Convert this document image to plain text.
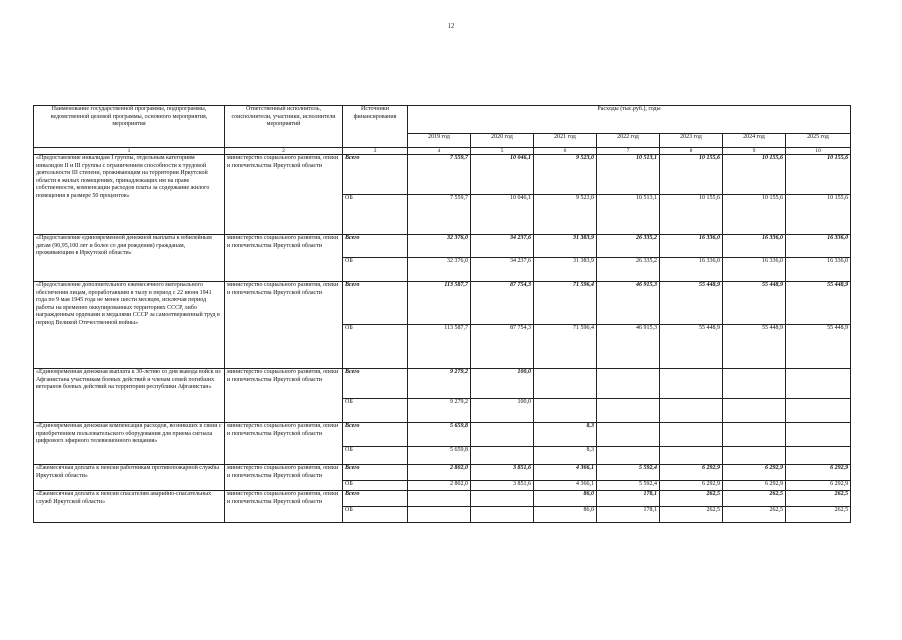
12
Наименование государственной программы, подпрограммы, ведомственной целевой программы, основного мероприятия, мероприятия	Ответственный исполнитель, соисполнители, участники, исполнители мероприятий	Источники финансирования	Расходы (тыс.руб.), годы						
			2019 год	2020 год	2021 год	2022 год	2023 год	2024 год	2025 год
1	2	3	4	5	6	7	8	9	10
«Предоставление инвалидам I группы, отдельным категориям инвалидов II и III группы с ограничением способности к трудовой деятельности III степени, проживающим на территории Иркутской области в жилых помещениях, принадлежащих им на праве собственности, компенсации расходов платы за содержание жилого помещения в размере 50 процентов»	министерство социального развития, опеки и попечительства Иркутской области	Всего	7 559,7	10 046,1	9 523,0	10 513,1	10 155,6	10 155,6	10 155,6
		ОБ	7 559,7	10 046,1	9 523,0	10 513,1	10 155,6	10 155,6	10 155,6
«Предоставление единовременной денежной выплаты к юбилейным датам (90,95,100 лет и более со дня рождения) гражданам, проживающим в Иркутской области»	министерство социального развития, опеки и попечительства Иркутской области	Всего	32 376,0	34 237,6	31 383,9	26 335,2	16 336,0	16 336,0	16 336,0
		ОБ	32 376,0	34 237,6	31 383,9	26 335,2	16 336,0	16 336,0	16 336,0
«Предоставление дополнительного ежемесячного материального обеспечения лицам, проработавшим в тылу в период с 22 июня 1941 года по 9 мая 1945 года не менее шести месяцев, исключая период работы на временно оккупированных территориях СССР, либо награжденным орденами и медалями СССР за самоотверженный труд в период Великой Отечественной войны»	министерство социального развития, опеки и попечительства Иркутской области	Всего	113 587,7	87 754,3	71 596,4	46 915,3	55 448,9	55 448,9	55 448,9
		ОБ	113 587,7	87 754,3	71 596,4	46 915,3	55 448,9	55 448,9	55 448,9
«Единовременная денежная выплата к 30-летию со дня вывода войск из Афганистана участникам боевых действий и членам семей погибших ветеранов боевых действий на территории республики Афганистан»	министерство социального развития, опеки и попечительства Иркутской области	Всего	9 279,2	100,0					
		ОБ	9 279,2	100,0					
«Единовременная денежная компенсация расходов, возникших в связи с приобретением пользовательского оборудования для приема сигнала цифрового эфирного телевизионного вещания»	министерство социального развития, опеки и попечительства Иркутской области	Всего	5 659,8		8,3				
		ОБ	5 659,8		8,3				
«Ежемесячная доплата к пенсии работникам противопожарной службы Иркутской области»	министерство социального развития, опеки и попечительства Иркутской области	Всего	2 802,0	3 851,6	4 366,1	5 592,4	6 292,9	6 292,9	6 292,9
		ОБ	2 802,0	3 851,6	4 366,1	5 592,4	6 292,9	6 292,9	6 292,9
«Ежемесячная доплата к пенсии спасателям аварийно-спасательных служб Иркутской области»	министерство социального развития, опеки и попечительства Иркутской области	Всего			86,0	178,1	262,5	262,5	262,5
		ОБ			86,0	178,1	262,5	262,5	262,5
